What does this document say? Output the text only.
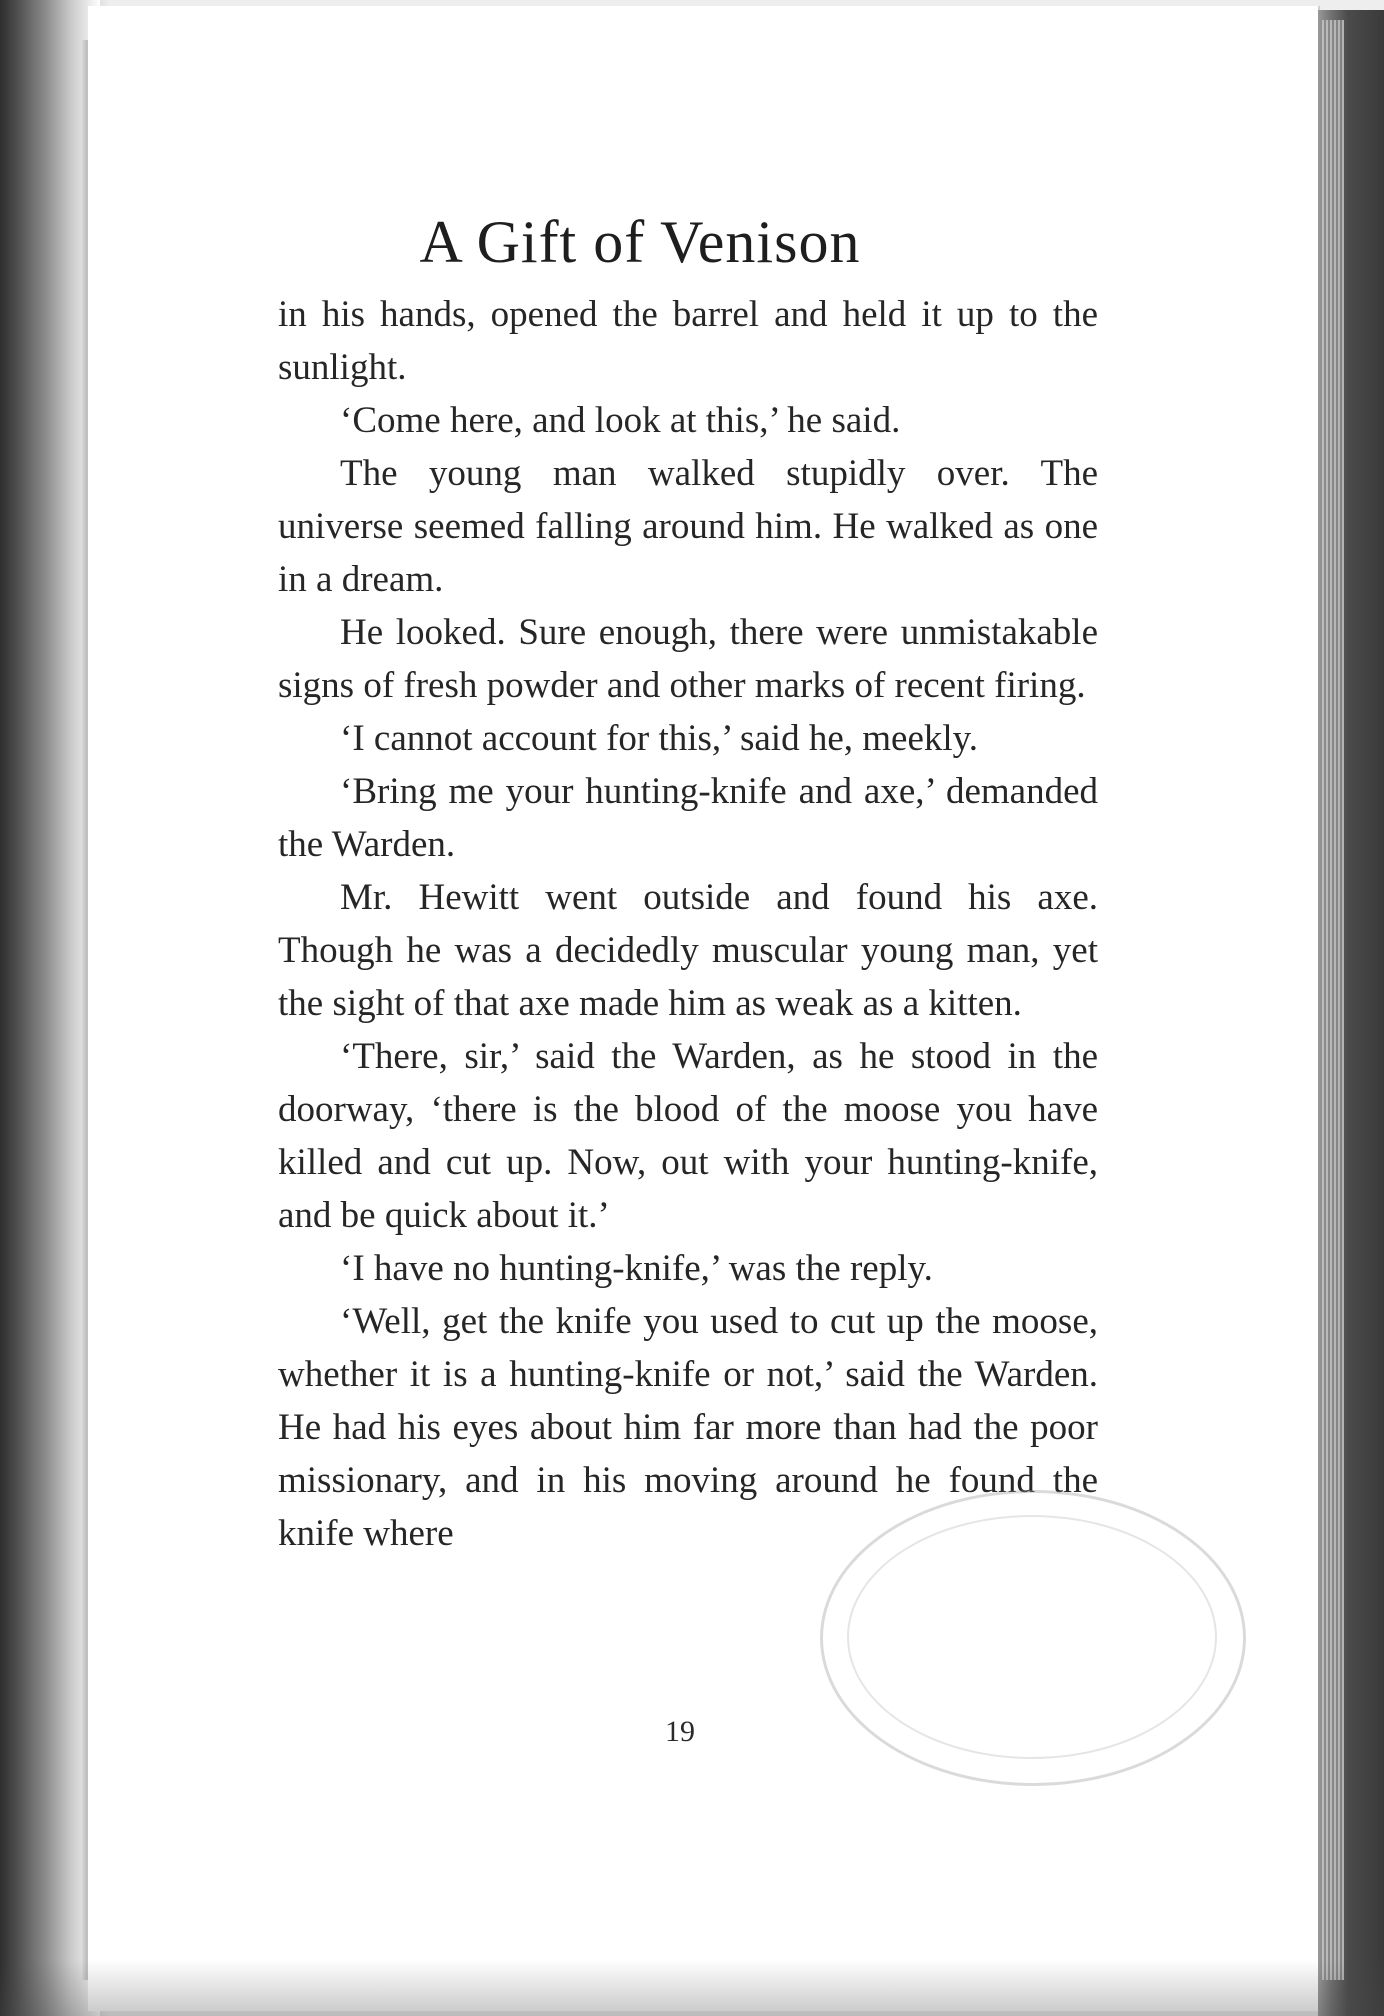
A Gift of Venison

in his hands, opened the barrel and held it up to the sunlight.

‘Come here, and look at this,’ he said.

The young man walked stupidly over. The universe seemed falling around him. He walked as one in a dream.

He looked. Sure enough, there were unmistakable signs of fresh powder and other marks of recent firing.

‘I cannot account for this,’ said he, meekly.

‘Bring me your hunting-knife and axe,’ demanded the Warden.

Mr. Hewitt went outside and found his axe. Though he was a decidedly muscular young man, yet the sight of that axe made him as weak as a kitten.

‘There, sir,’ said the Warden, as he stood in the doorway, ‘there is the blood of the moose you have killed and cut up. Now, out with your hunting-knife, and be quick about it.’

‘I have no hunting-knife,’ was the reply.

‘Well, get the knife you used to cut up the moose, whether it is a hunting-knife or not,’ said the Warden. He had his eyes about him far more than had the poor missionary, and in his moving around he found the knife where

19
